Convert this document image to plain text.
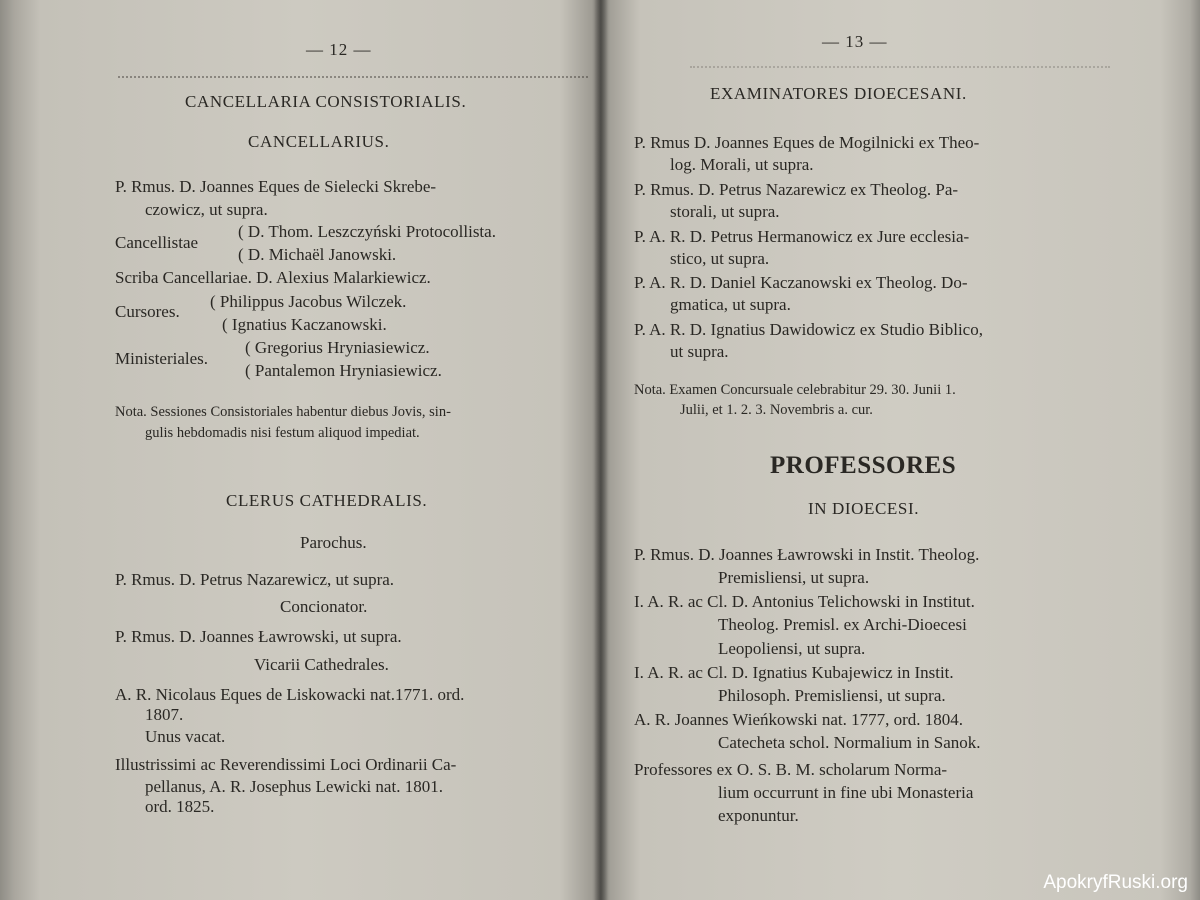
— 12 —
CANCELLARIA CONSISTORIALIS.
CANCELLARIUS.
P. Rmus. D. Joannes Eques de Sielecki Skrebe-
czowicz, ut supra.
Cancellistae
( D. Thom. Leszczyński Protocollista.
( D. Michaël Janowski.
Scriba Cancellariae. D. Alexius Malarkiewicz.
Cursores.
( Philippus Jacobus Wilczek.
( Ignatius Kaczanowski.
Ministeriales.
( Gregorius Hryniasiewicz.
( Pantalemon Hryniasiewicz.
Nota. Sessiones Consistoriales habentur diebus Jovis, sin-
gulis hebdomadis nisi festum aliquod impediat.
CLERUS CATHEDRALIS.
Parochus.
P. Rmus. D. Petrus Nazarewicz, ut supra.
Concionator.
P. Rmus. D. Joannes Ławrowski, ut supra.
Vicarii Cathedrales.
A. R. Nicolaus Eques de Liskowacki nat.1771. ord.
1807.
Unus vacat.
Illustrissimi ac Reverendissimi Loci Ordinarii Ca-
pellanus, A. R. Josephus Lewicki nat. 1801.
ord. 1825.
— 13 —
EXAMINATORES DIOECESANI.
P. Rmus D. Joannes Eques de Mogilnicki ex Theo-
log. Morali, ut supra.
P. Rmus. D. Petrus Nazarewicz ex Theolog. Pa-
storali, ut supra.
P. A. R. D. Petrus Hermanowicz ex Jure ecclesia-
stico, ut supra.
P. A. R. D. Daniel Kaczanowski ex Theolog. Do-
gmatica, ut supra.
P. A. R. D. Ignatius Dawidowicz ex Studio Biblico,
ut supra.
Nota. Examen Concursuale celebrabitur 29. 30. Junii 1.
Julii, et 1. 2. 3. Novembris a. cur.
PROFESSORES
IN DIOECESI.
P. Rmus. D. Joannes Ławrowski in Instit. Theolog.
Premisliensi, ut supra.
I. A. R. ac Cl. D. Antonius Telichowski in Institut.
Theolog. Premisl. ex Archi-Dioecesi
Leopoliensi, ut supra.
I. A. R. ac Cl. D. Ignatius Kubajewicz in Instit.
Philosoph. Premisliensi, ut supra.
A. R. Joannes Wieńkowski nat. 1777, ord. 1804.
Catecheta schol. Normalium in Sanok.
Professores ex O. S. B. M. scholarum Norma-
lium occurrunt in fine ubi Monasteria
exponuntur.
ApokryfRuski.org
